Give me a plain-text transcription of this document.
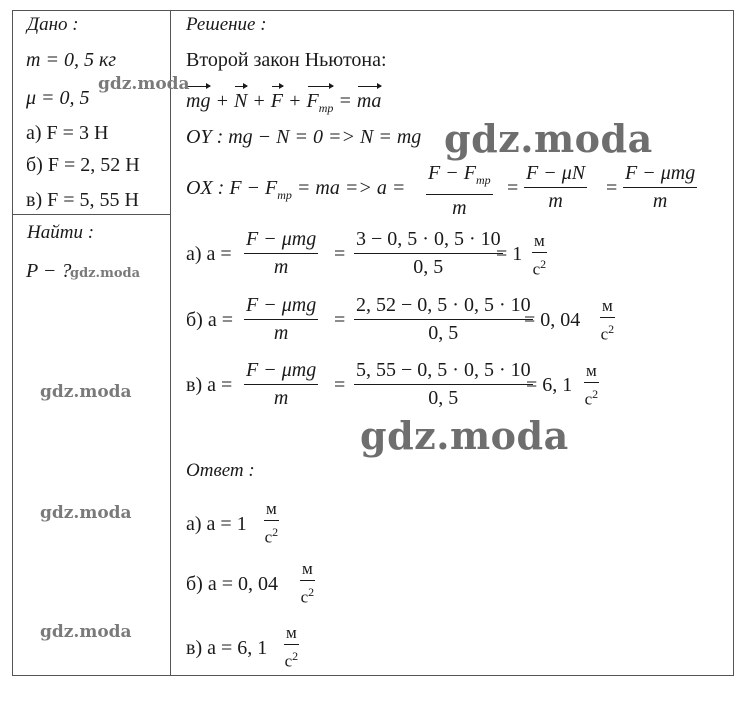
Дано :
m = 0, 5 кг
μ = 0, 5
а) F = 3 Н
б) F = 2, 52 Н
в) F = 5, 55 Н
Найти :
P − ?
Решение :
Второй закон Ньютона:
mg + $N + F + F_{тр}$ = ma
OY : mg − N = 0 => N = mg
OX : $F - F_{тр}$ = ma => a =
$F - F_{тр}$
m
= $\frac{F - \mu N}{m}$ =
F − μmg
m
а) a =
F − μmg
m
= $\frac{3 - 0, 5 \cdot 0, 5 \cdot 10}{0, 5}$
= 1
м
$с^2$
б) a =
F − μmg
m
= $\frac{2, 52 - 0, 5 \cdot 0, 5 \cdot 10}{0, 5}$
= 0, 04
м
$с^2$
в) a =
F − μmg
m
= $\frac{5, 55 - 0, 5 \cdot 0, 5 \cdot 10}{0, 5}$
= 6, 1
м
$с^2$
Ответ :
а) a = 1
м
$с^2$
б) a = 0, 04
м
$с^2$
в) a = 6, 1
м
$с^2$
gdz.moda
gdz.moda
gdz.moda
gdz.moda
gdz.moda
gdz.moda
gdz.moda
